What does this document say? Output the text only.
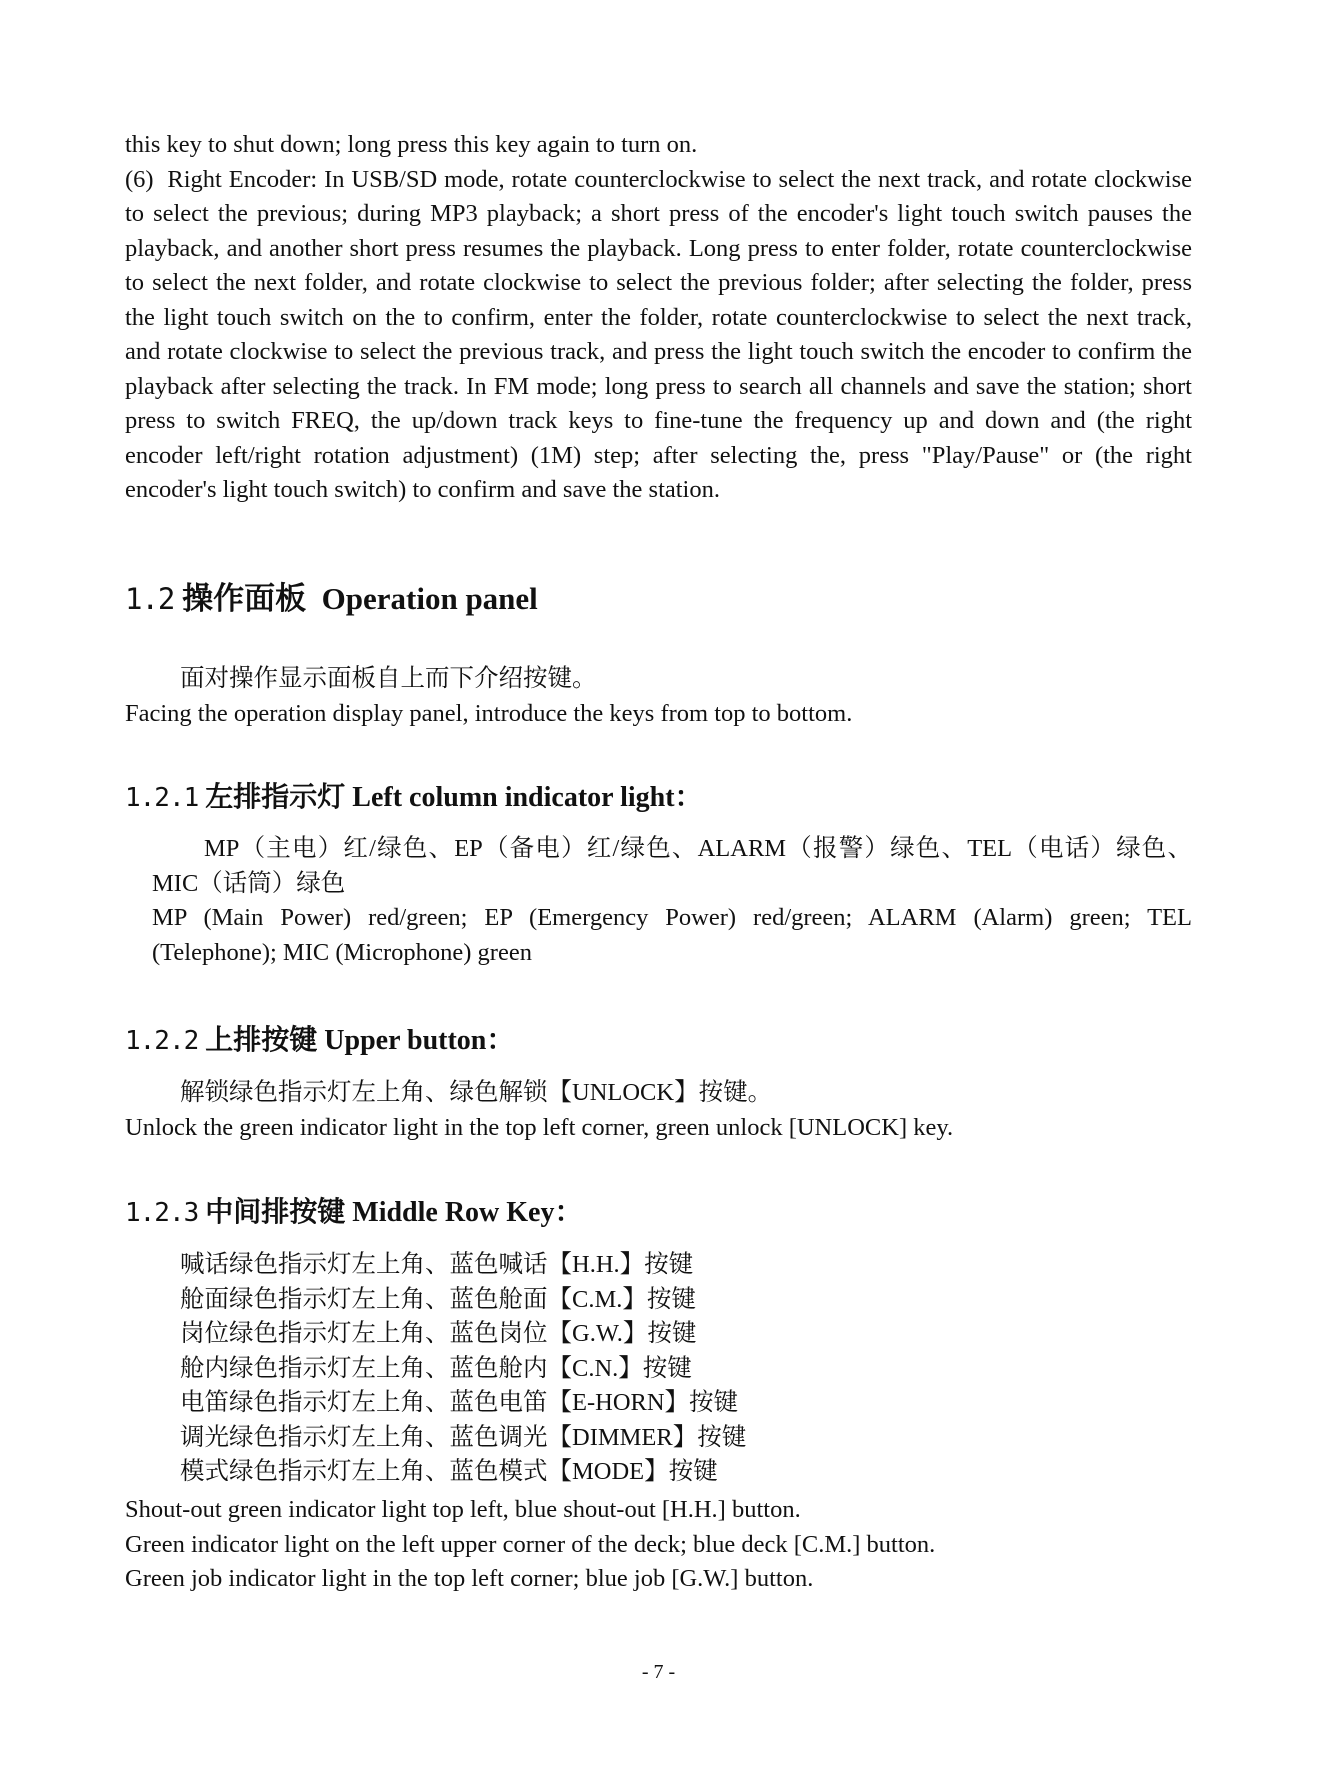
this key to shut down; long press this key again to turn on.

(6)  Right Encoder: In USB/SD mode, rotate counterclockwise to select the next track, and rotate clockwise to select the previous; during MP3 playback; a short press of the encoder's light touch switch pauses the playback, and another short press resumes the playback. Long press to enter folder, rotate counterclockwise to select the next folder, and rotate clockwise to select the previous folder; after selecting the folder, press the light touch switch on the to confirm, enter the folder, rotate counterclockwise to select the next track, and rotate clockwise to select the previous track, and press the light touch switch the encoder to confirm the playback after selecting the track. In FM mode; long press to search all channels and save the station; short press to switch FREQ, the up/down track keys to fine-tune the frequency up and down and (the right encoder left/right rotation adjustment) (1M) step; after selecting the, press "Play/Pause" or (the right encoder's light touch switch) to confirm and save the station.

1.2 操作面板  Operation panel

面对操作显示面板自上而下介绍按键。

Facing the operation display panel, introduce the keys from top to bottom.

1.2.1 左排指示灯 Left column indicator light：

MP（主电）红/绿色、EP（备电）红/绿色、ALARM（报警）绿色、TEL（电话）绿色、MIC（话筒）绿色

MP (Main Power) red/green; EP (Emergency Power) red/green; ALARM (Alarm) green; TEL (Telephone); MIC (Microphone) green

1.2.2 上排按键 Upper button：

解锁绿色指示灯左上角、绿色解锁【UNLOCK】按键。

Unlock the green indicator light in the top left corner, green unlock [UNLOCK] key.

1.2.3 中间排按键 Middle Row Key：

喊话绿色指示灯左上角、蓝色喊话【H.H.】按键

舱面绿色指示灯左上角、蓝色舱面【C.M.】按键

岗位绿色指示灯左上角、蓝色岗位【G.W.】按键

舱内绿色指示灯左上角、蓝色舱内【C.N.】按键

电笛绿色指示灯左上角、蓝色电笛【E-HORN】按键

调光绿色指示灯左上角、蓝色调光【DIMMER】按键

模式绿色指示灯左上角、蓝色模式【MODE】按键

Shout-out green indicator light top left, blue shout-out [H.H.] button.

Green indicator light on the left upper corner of the deck; blue deck [C.M.] button.

Green job indicator light in the top left corner; blue job [G.W.] button.

- 7 -
